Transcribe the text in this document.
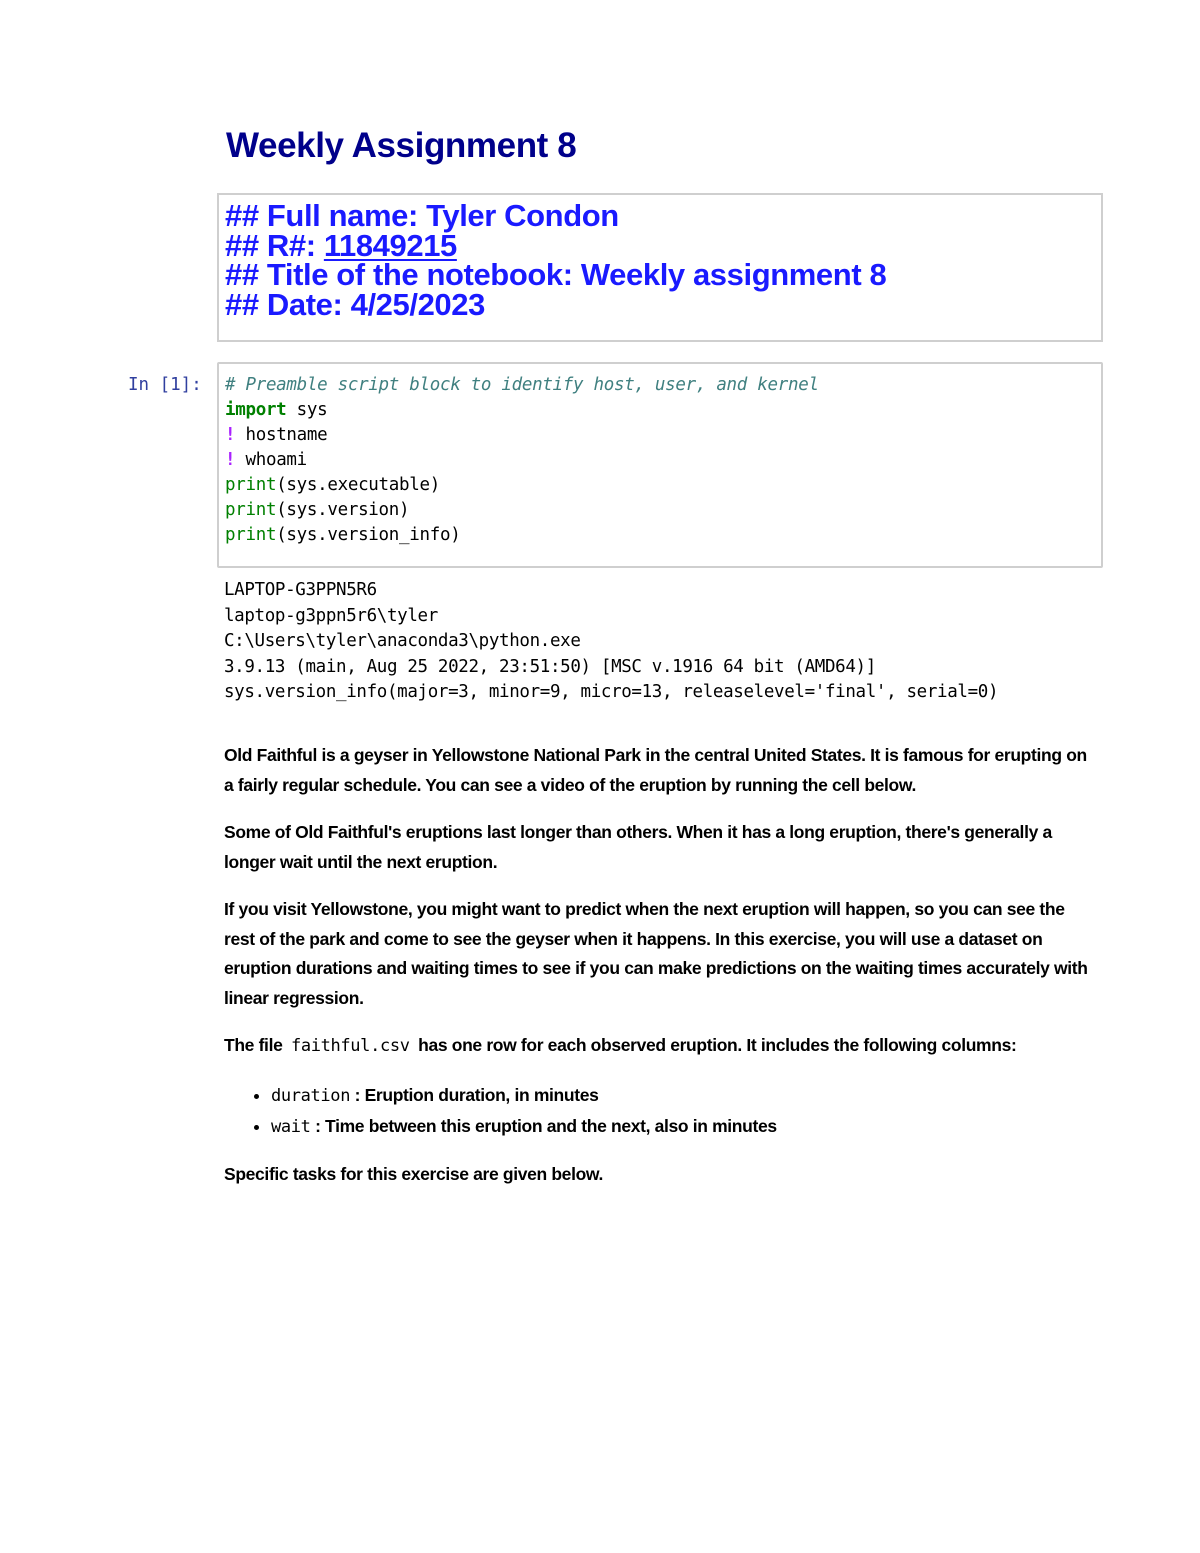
Weekly Assignment 8
## Full name: Tyler Condon
## R#: 11849215
## Title of the notebook: Weekly assignment 8
## Date: 4/25/2023
In [1]:	# Preamble script block to identify host, user, and kernel
import sys
! hostname
! whoami
print(sys.executable)
print(sys.version)
print(sys.version_info)
LAPTOP-G3PPN5R6
laptop-g3ppn5r6\tyler
C:\Users\tyler\anaconda3\python.exe
3.9.13 (main, Aug 25 2022, 23:51:50) [MSC v.1916 64 bit (AMD64)]
sys.version_info(major=3, minor=9, micro=13, releaselevel='final', serial=0)

Old Faithful is a geyser in Yellowstone National Park in the central United States. It is famous for erupting on a fairly regular schedule. You can see a video of the eruption by running the cell below.

Some of Old Faithful's eruptions last longer than others. When it has a long eruption, there's generally a longer wait until the next eruption.

If you visit Yellowstone, you might want to predict when the next eruption will happen, so you can see the rest of the park and come to see the geyser when it happens. In this exercise, you will use a dataset on eruption durations and waiting times to see if you can make predictions on the waiting times accurately with linear regression.

The file faithful.csv has one row for each observed eruption. It includes the following columns:

• duration : Eruption duration, in minutes
• wait : Time between this eruption and the next, also in minutes

Specific tasks for this exercise are given below.
